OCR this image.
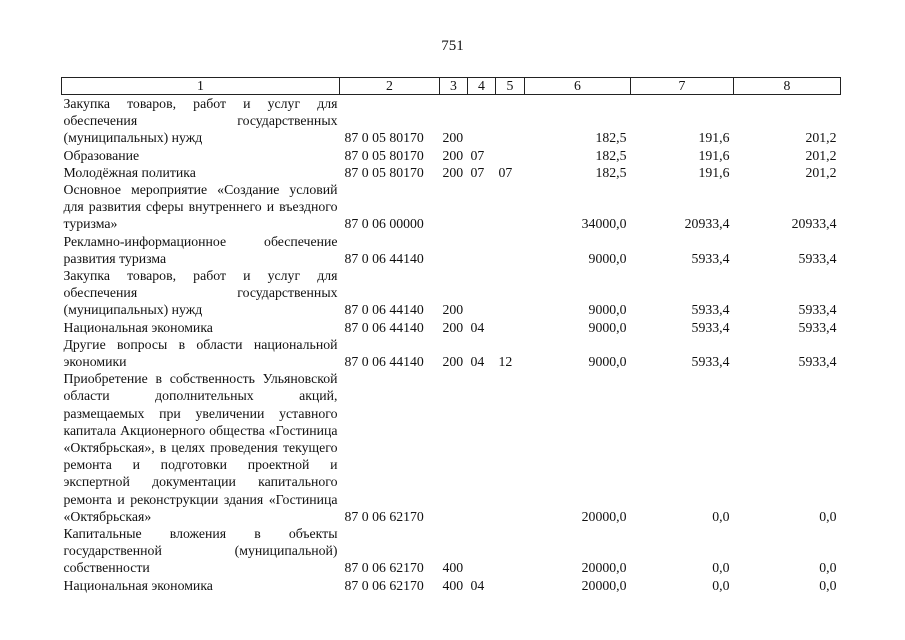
751
1	2	3	4	5	6	7	8
Закупка товаров, работ и услуг для обеспечения государственных (муниципальных) нужд	87 0 05 80170	200			182,5	191,6	201,2
Образование	87 0 05 80170	200	07		182,5	191,6	201,2
Молодёжная политика	87 0 05 80170	200	07	07	182,5	191,6	201,2
Основное мероприятие «Создание условий для развития сферы внутреннего и въездного туризма»	87 0 06 00000				34000,0	20933,4	20933,4
Рекламно-информационное обеспечение развития туризма	87 0 06 44140				9000,0	5933,4	5933,4
Закупка товаров, работ и услуг для обеспечения государственных (муниципальных) нужд	87 0 06 44140	200			9000,0	5933,4	5933,4
Национальная экономика	87 0 06 44140	200	04		9000,0	5933,4	5933,4
Другие вопросы в области национальной экономики	87 0 06 44140	200	04	12	9000,0	5933,4	5933,4
Приобретение в собственность Ульяновской области дополнительных акций, размещаемых при увеличении уставного капитала Акционерного общества «Гостиница «Октябрьская», в целях проведения текущего ремонта и подготовки проектной и экспертной документации капитального ремонта и реконструкции здания «Гостиница «Октябрьская»	87 0 06 62170				20000,0	0,0	0,0
Капитальные вложения в объекты государственной (муниципальной) собственности	87 0 06 62170	400			20000,0	0,0	0,0
Национальная экономика	87 0 06 62170	400	04		20000,0	0,0	0,0
